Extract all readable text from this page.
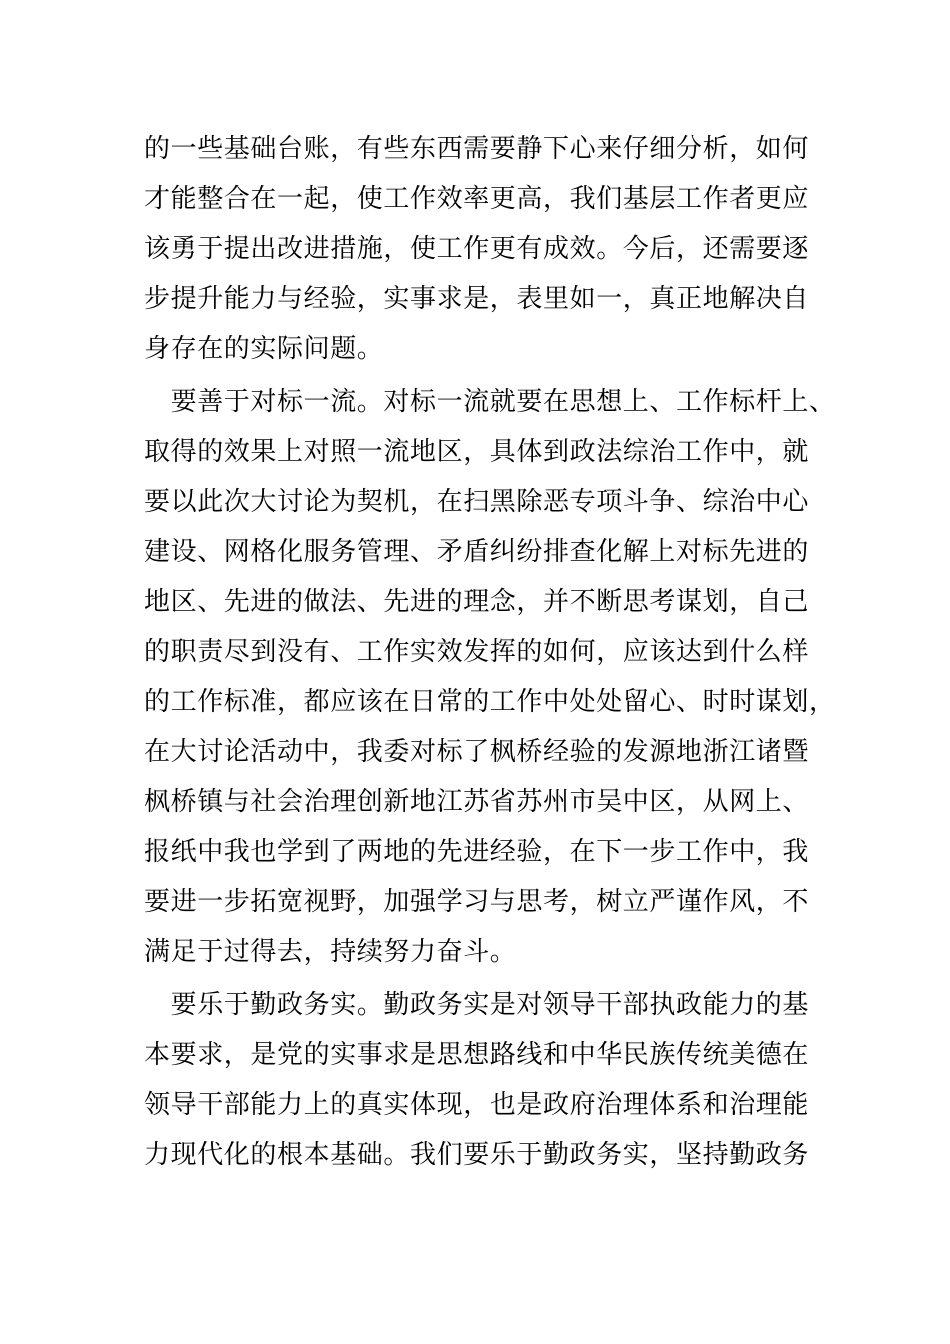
的一些基础台账，有些东西需要静下心来仔细分析，如何
才能整合在一起，使工作效率更高，我们基层工作者更应
该勇于提出改进措施，使工作更有成效。今后，还需要逐
步提升能力与经验，实事求是，表里如一，真正地解决自
身存在的实际问题。
　要善于对标一流。对标一流就要在思想上、工作标杆上、
取得的效果上对照一流地区，具体到政法综治工作中，就
要以此次大讨论为契机，在扫黑除恶专项斗争、综治中心
建设、网格化服务管理、矛盾纠纷排查化解上对标先进的
地区、先进的做法、先进的理念，并不断思考谋划，自己
的职责尽到没有、工作实效发挥的如何，应该达到什么样
的工作标准，都应该在日常的工作中处处留心、时时谋划，
在大讨论活动中，我委对标了枫桥经验的发源地浙江诸暨
枫桥镇与社会治理创新地江苏省苏州市吴中区，从网上、
报纸中我也学到了两地的先进经验，在下一步工作中，我
要进一步拓宽视野，加强学习与思考，树立严谨作风，不
满足于过得去，持续努力奋斗。
　要乐于勤政务实。勤政务实是对领导干部执政能力的基
本要求，是党的实事求是思想路线和中华民族传统美德在
领导干部能力上的真实体现，也是政府治理体系和治理能
力现代化的根本基础。我们要乐于勤政务实，坚持勤政务
